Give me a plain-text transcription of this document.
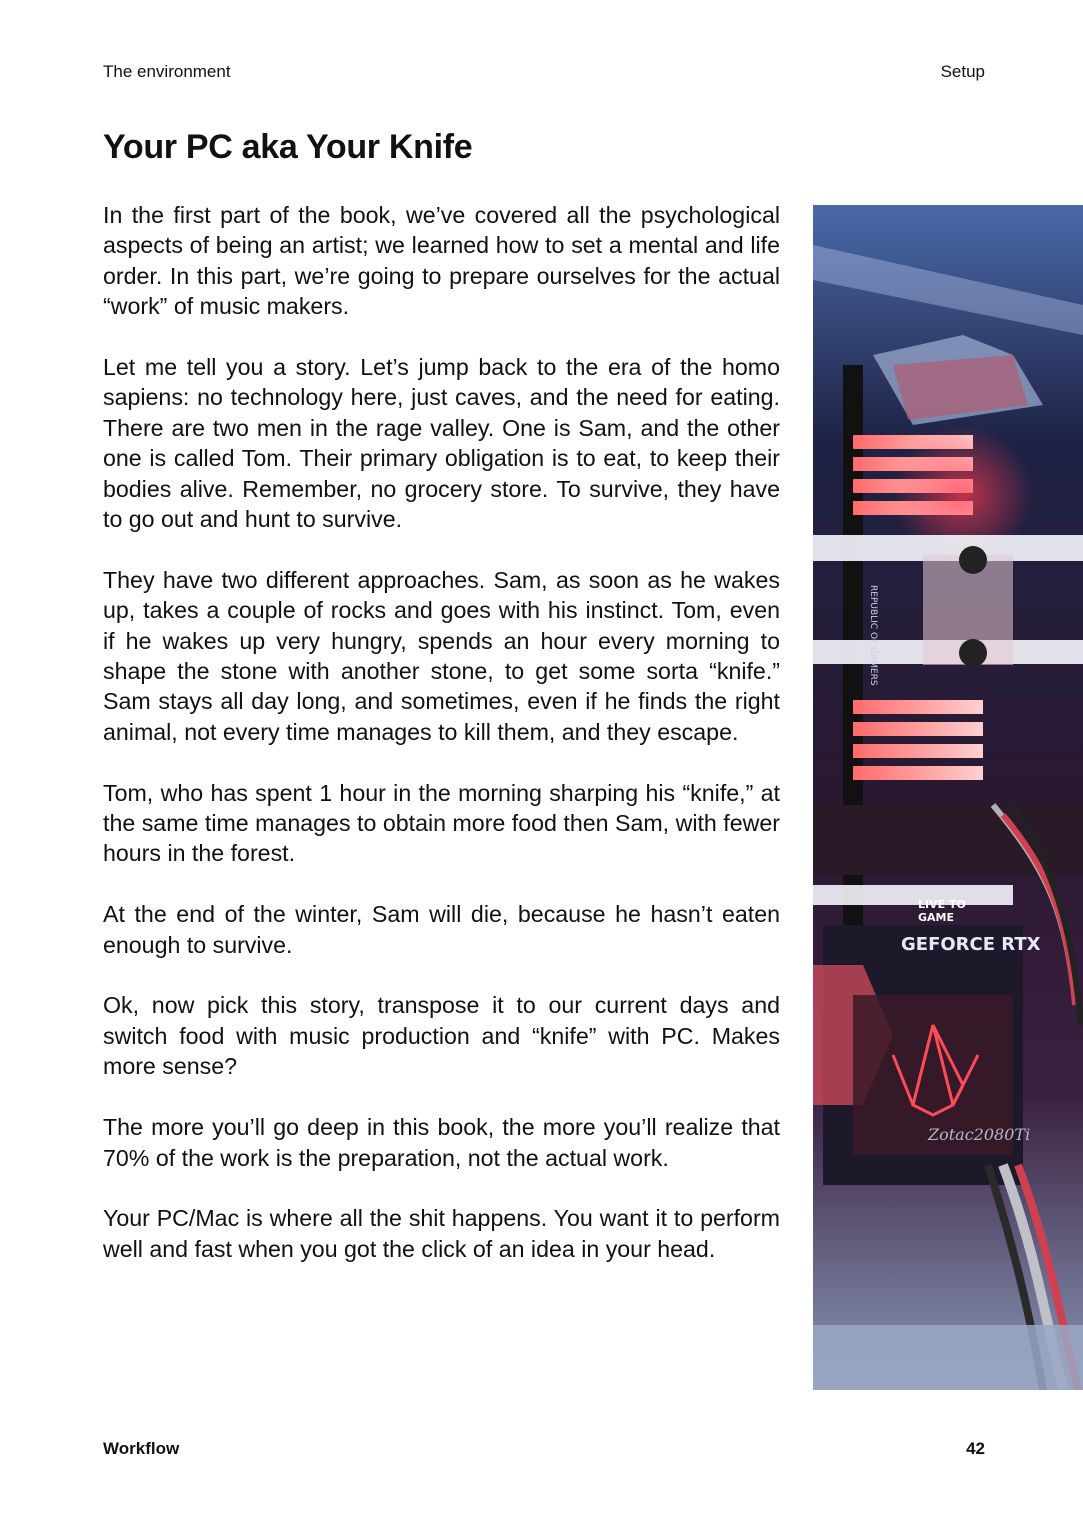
The environment	Setup
Your PC aka Your Knife

In the first part of the book, we’ve covered all the psychological aspects of being an artist; we learned how to set a mental and life order. In this part, we’re going to prepare ourselves for the actual “work” of music makers.

Let me tell you a story. Let’s jump back to the era of the homo sapiens: no technology here, just caves, and the need for eating. There are two men in the rage valley. One is Sam, and the other one is called Tom. Their primary obligation is to eat, to keep their bodies alive. Remember, no grocery store. To survive, they have to go out and hunt to survive.

They have two different approaches. Sam, as soon as he wakes up, takes a couple of rocks and goes with his instinct. Tom, even if he wakes up very hungry, spends an hour every morning to shape the stone with another stone, to get some sorta “knife.” Sam stays all day long, and sometimes, even if he finds the right animal, not every time manages to kill them, and they escape.

Tom, who has spent 1 hour in the morning sharping his “knife,” at the same time manages to obtain more food then Sam, with fewer hours in the forest.

At the end of the winter, Sam will die, because he hasn’t eaten enough to survive.

Ok, now pick this story, transpose it to our current days and switch food with music production and “knife” with PC. Makes more sense?

The more you’ll go deep in this book, the more you’ll realize that 70% of the work is the preparation, not the actual work.

Your PC/Mac is where all the shit happens. You want it to perform well and fast when you got the click of an idea in your head.

GEFORCE RTX
LIVE TO
GAME
Zotac2080Ti
REPUBLIC OF GAMERS
Workflow	42
